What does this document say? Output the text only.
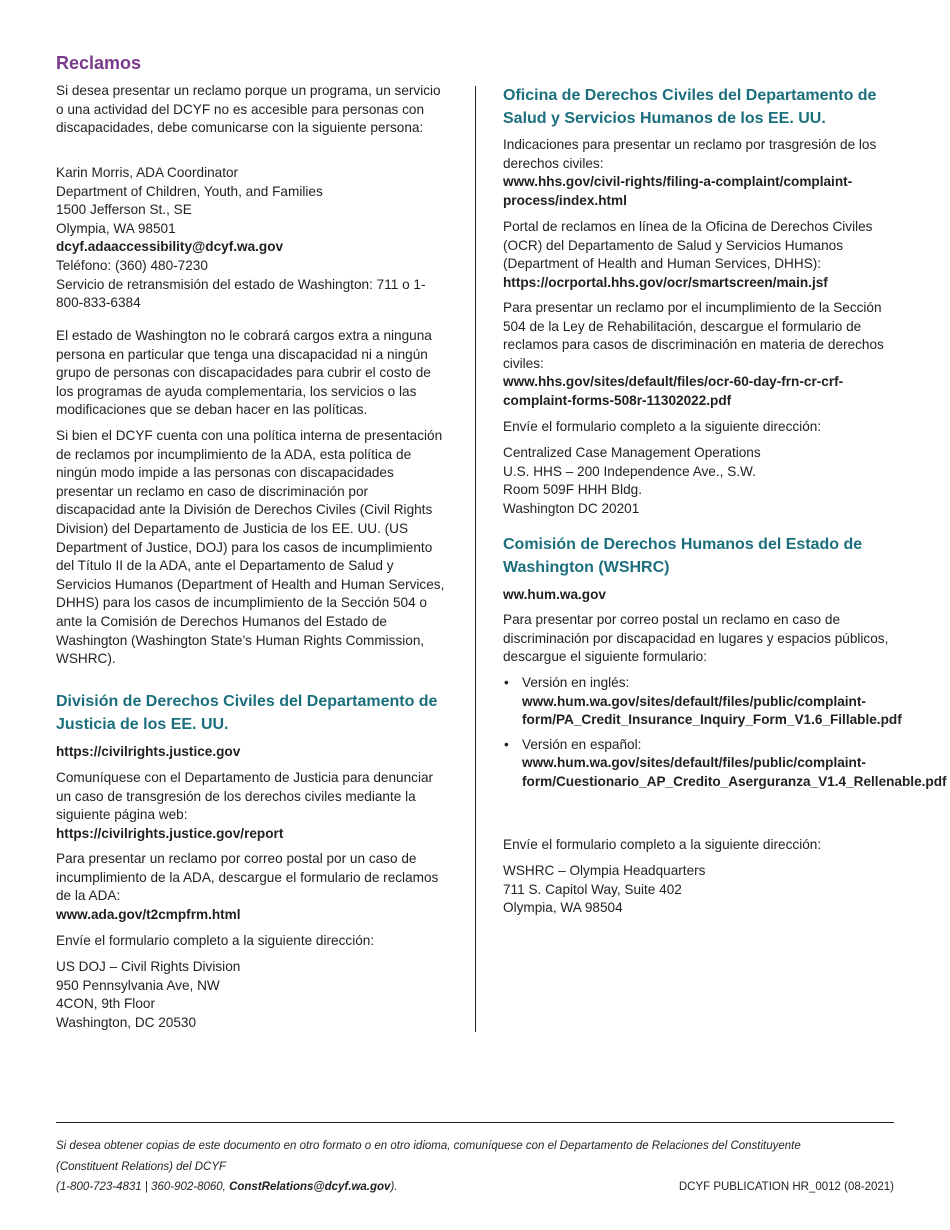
Reclamos

Si desea presentar un reclamo porque un programa, un servicio o una actividad del DCYF no es accesible para personas con discapacidades, debe comunicarse con la siguiente persona:

Karin Morris, ADA Coordinator

Department of Children, Youth, and Families

1500 Jefferson St., SE

Olympia, WA 98501

dcyf.adaaccessibility@dcyf.wa.gov

Teléfono: (360) 480-7230

Servicio de retransmisión del estado de Washington: 711 o 1-800-833-6384

El estado de Washington no le cobrará cargos extra a ninguna persona en particular que tenga una discapacidad ni a ningún grupo de personas con discapacidades para cubrir el costo de los programas de ayuda complementaria, los servicios o las modificaciones que se deban hacer en las políticas.

Si bien el DCYF cuenta con una política interna de presentación de reclamos por incumplimiento de la ADA, esta política de ningún modo impide a las personas con discapacidades presentar un reclamo en caso de discriminación por discapacidad ante la División de Derechos Civiles (Civil Rights Division) del Departamento de Justicia de los EE. UU. (US Department of Justice, DOJ) para los casos de incumplimiento del Título II de la ADA, ante el Departamento de Salud y Servicios Humanos (Department of Health and Human Services, DHHS) para los casos de incumplimiento de la Sección 504 o ante la Comisión de Derechos Humanos del Estado de Washington (Washington State’s Human Rights Commission, WSHRC).

División de Derechos Civiles del Departamento de Justicia de los EE. UU.

https://civilrights.justice.gov

Comuníquese con el Departamento de Justicia para denunciar un caso de transgresión de los derechos civiles mediante la siguiente página web:

https://civilrights.justice.gov/report

Para presentar un reclamo por correo postal por un caso de incumplimiento de la ADA, descargue el formulario de reclamos de la ADA:

www.ada.gov/t2cmpfrm.html

Envíe el formulario completo a la siguiente dirección:

US DOJ – Civil Rights Division

950 Pennsylvania Ave, NW

4CON, 9th Floor

Washington, DC 20530

Oficina de Derechos Civiles del Departamento de Salud y Servicios Humanos de los EE. UU.

Indicaciones para presentar un reclamo por trasgresión de los derechos civiles:

www.hhs.gov/civil-rights/filing-a-complaint/complaint-process/index.html

Portal de reclamos en línea de la Oficina de Derechos Civiles (OCR) del Departamento de Salud y Servicios Humanos (Department of Health and Human Services, DHHS):

https://ocrportal.hhs.gov/ocr/smartscreen/main.jsf

Para presentar un reclamo por el incumplimiento de la Sección 504 de la Ley de Rehabilitación, descargue el formulario de reclamos para casos de discriminación en materia de derechos civiles:

www.hhs.gov/sites/default/files/ocr-60-day-frn-cr-crf-complaint-forms-508r-11302022.pdf

Envíe el formulario completo a la siguiente dirección:

Centralized Case Management Operations

U.S. HHS – 200 Independence Ave., S.W.

Room 509F HHH Bldg.

Washington DC 20201

Comisión de Derechos Humanos del Estado de Washington (WSHRC)

ww.hum.wa.gov

Para presentar por correo postal un reclamo en caso de discriminación por discapacidad en lugares y espacios públicos, descargue el siguiente formulario:

• Versión en inglés:
www.hum.wa.gov/sites/default/files/public/complaint-form/PA_Credit_Insurance_Inquiry_Form_V1.6_Fillable.pdf
• Versión en español:
www.hum.wa.gov/sites/default/files/public/complaint-form/Cuestionario_AP_Credito_Aserguranza_V1.4_Rellenable.pdf

Envíe el formulario completo a la siguiente dirección:

WSHRC – Olympia Headquarters

711 S. Capitol Way, Suite 402

Olympia, WA 98504

Si desea obtener copias de este documento en otro formato o en otro idioma, comuníquese con el Departamento de Relaciones del Constituyente (Constituent Relations) del DCYF
(1-800-723-4831 | 360-902-8060, ConstRelations@dcyf.wa.gov).	DCYF PUBLICATION HR_0012 (08-2021)
